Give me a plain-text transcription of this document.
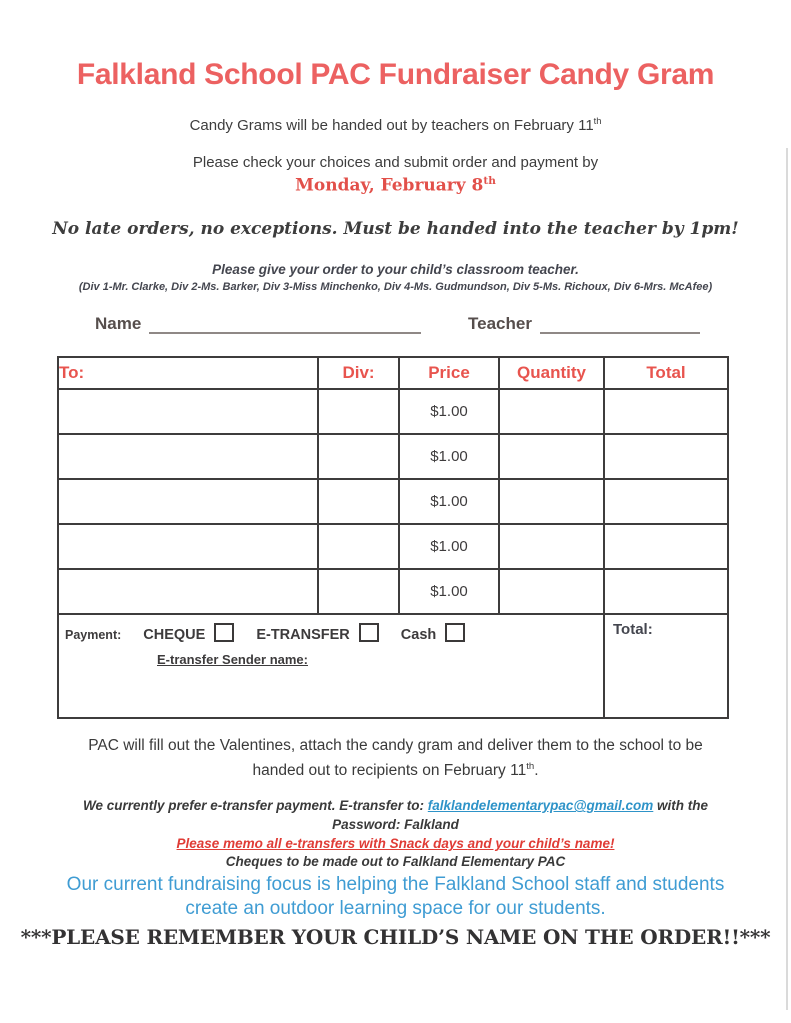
Falkland School PAC Fundraiser Candy Gram
Candy Grams will be handed out by teachers on February 11th
Please check your choices and submit order and payment by
Monday, February 8th
No late orders, no exceptions. Must be handed into the teacher by 1pm!
Please give your order to your child’s classroom teacher.
(Div 1-Mr. Clarke, Div 2-Ms. Barker, Div 3-Miss Minchenko, Div 4-Ms. Gudmundson, Div 5-Ms. Richoux, Div 6-Mrs. McAfee)
Name	Teacher
To:	Div:	Price	Quantity	Total
		$1.00		
		$1.00		
		$1.00		
		$1.00		
		$1.00		

Payment: CHEQUE E-TRANSFER Cash
E-transfer Sender name:				Total:
PAC will fill out the Valentines, attach the candy gram and deliver them to the school to be
handed out to recipients on February 11th.
We currently prefer e-transfer payment. E-transfer to: falklandelementarypac@gmail.com with the
Password: Falkland
Please memo all e-transfers with Snack days and your child’s name!
Cheques to be made out to Falkland Elementary PAC
Our current fundraising focus is helping the Falkland School staff and students
create an outdoor learning space for our students.
***PLEASE REMEMBER YOUR CHILD’S NAME ON THE ORDER!!***
